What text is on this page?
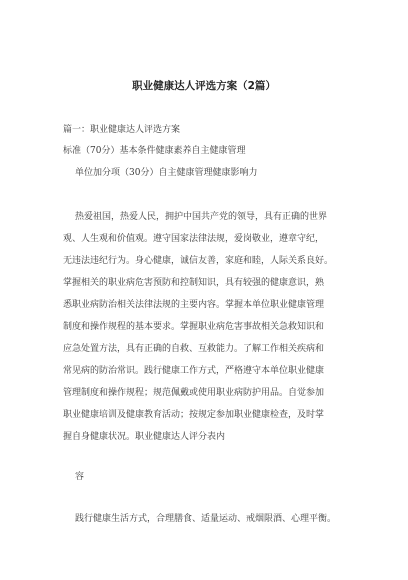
职业健康达人评选方案（2篇）
篇一：职业健康达人评选方案
标准（70分）基本条件健康素养自主健康管理
单位加分项（30分）自主健康管理健康影响力
热爱祖国，热爱人民，拥护中国共产党的领导，具有正确的世界
观、人生观和价值观。遵守国家法律法规，爱岗敬业，遵章守纪，
无违法违纪行为。身心健康，诚信友善，家庭和睦，人际关系良好。
掌握相关的职业病危害预防和控制知识，具有较强的健康意识，熟
悉职业病防治相关法律法规的主要内容。掌握本单位职业健康管理
制度和操作规程的基本要求。掌握职业病危害事故相关急救知识和
应急处置方法，具有正确的自救、互救能力。了解工作相关疾病和
常见病的防治常识。践行健康工作方式，严格遵守本单位职业健康
管理制度和操作规程；规范佩戴或使用职业病防护用品。自觉参加
职业健康培训及健康教育活动；按规定参加职业健康检查，及时掌
握自身健康状况。职业健康达人评分表内
容
践行健康生活方式，合理膳食、适量运动、戒烟限酒、心理平衡。
